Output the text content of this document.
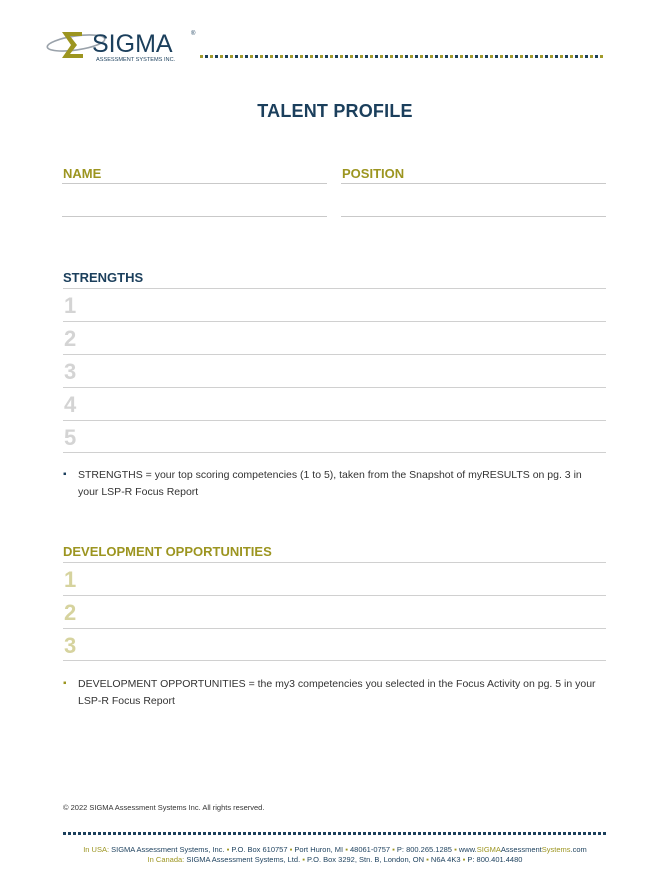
SIGMA	®
ASSESSMENT SYSTEMS INC.
TALENT PROFILE
NAME	POSITION
STRENGTHS
1
2
3
4
5
▪ STRENGTHS = your top scoring competencies (1 to 5), taken from the Snapshot of myRESULTS on pg. 3 in
your LSP-R Focus Report
DEVELOPMENT OPPORTUNITIES
1
2
3
▪ DEVELOPMENT OPPORTUNITIES = the my3 competencies you selected in the Focus Activity on pg. 5 in your
LSP-R Focus Report
© 2022 SIGMA Assessment Systems Inc. All rights reserved.
In USA: SIGMA Assessment Systems, Inc. ▪ P.O. Box 610757 ▪ Port Huron, MI ▪ 48061-0757 ▪ P: 800.265.1285 ▪ www.SIGMAAssessmentSystems.com
In Canada: SIGMA Assessment Systems, Ltd. ▪ P.O. Box 3292, Stn. B, London, ON ▪ N6A 4K3 ▪ P: 800.401.4480
